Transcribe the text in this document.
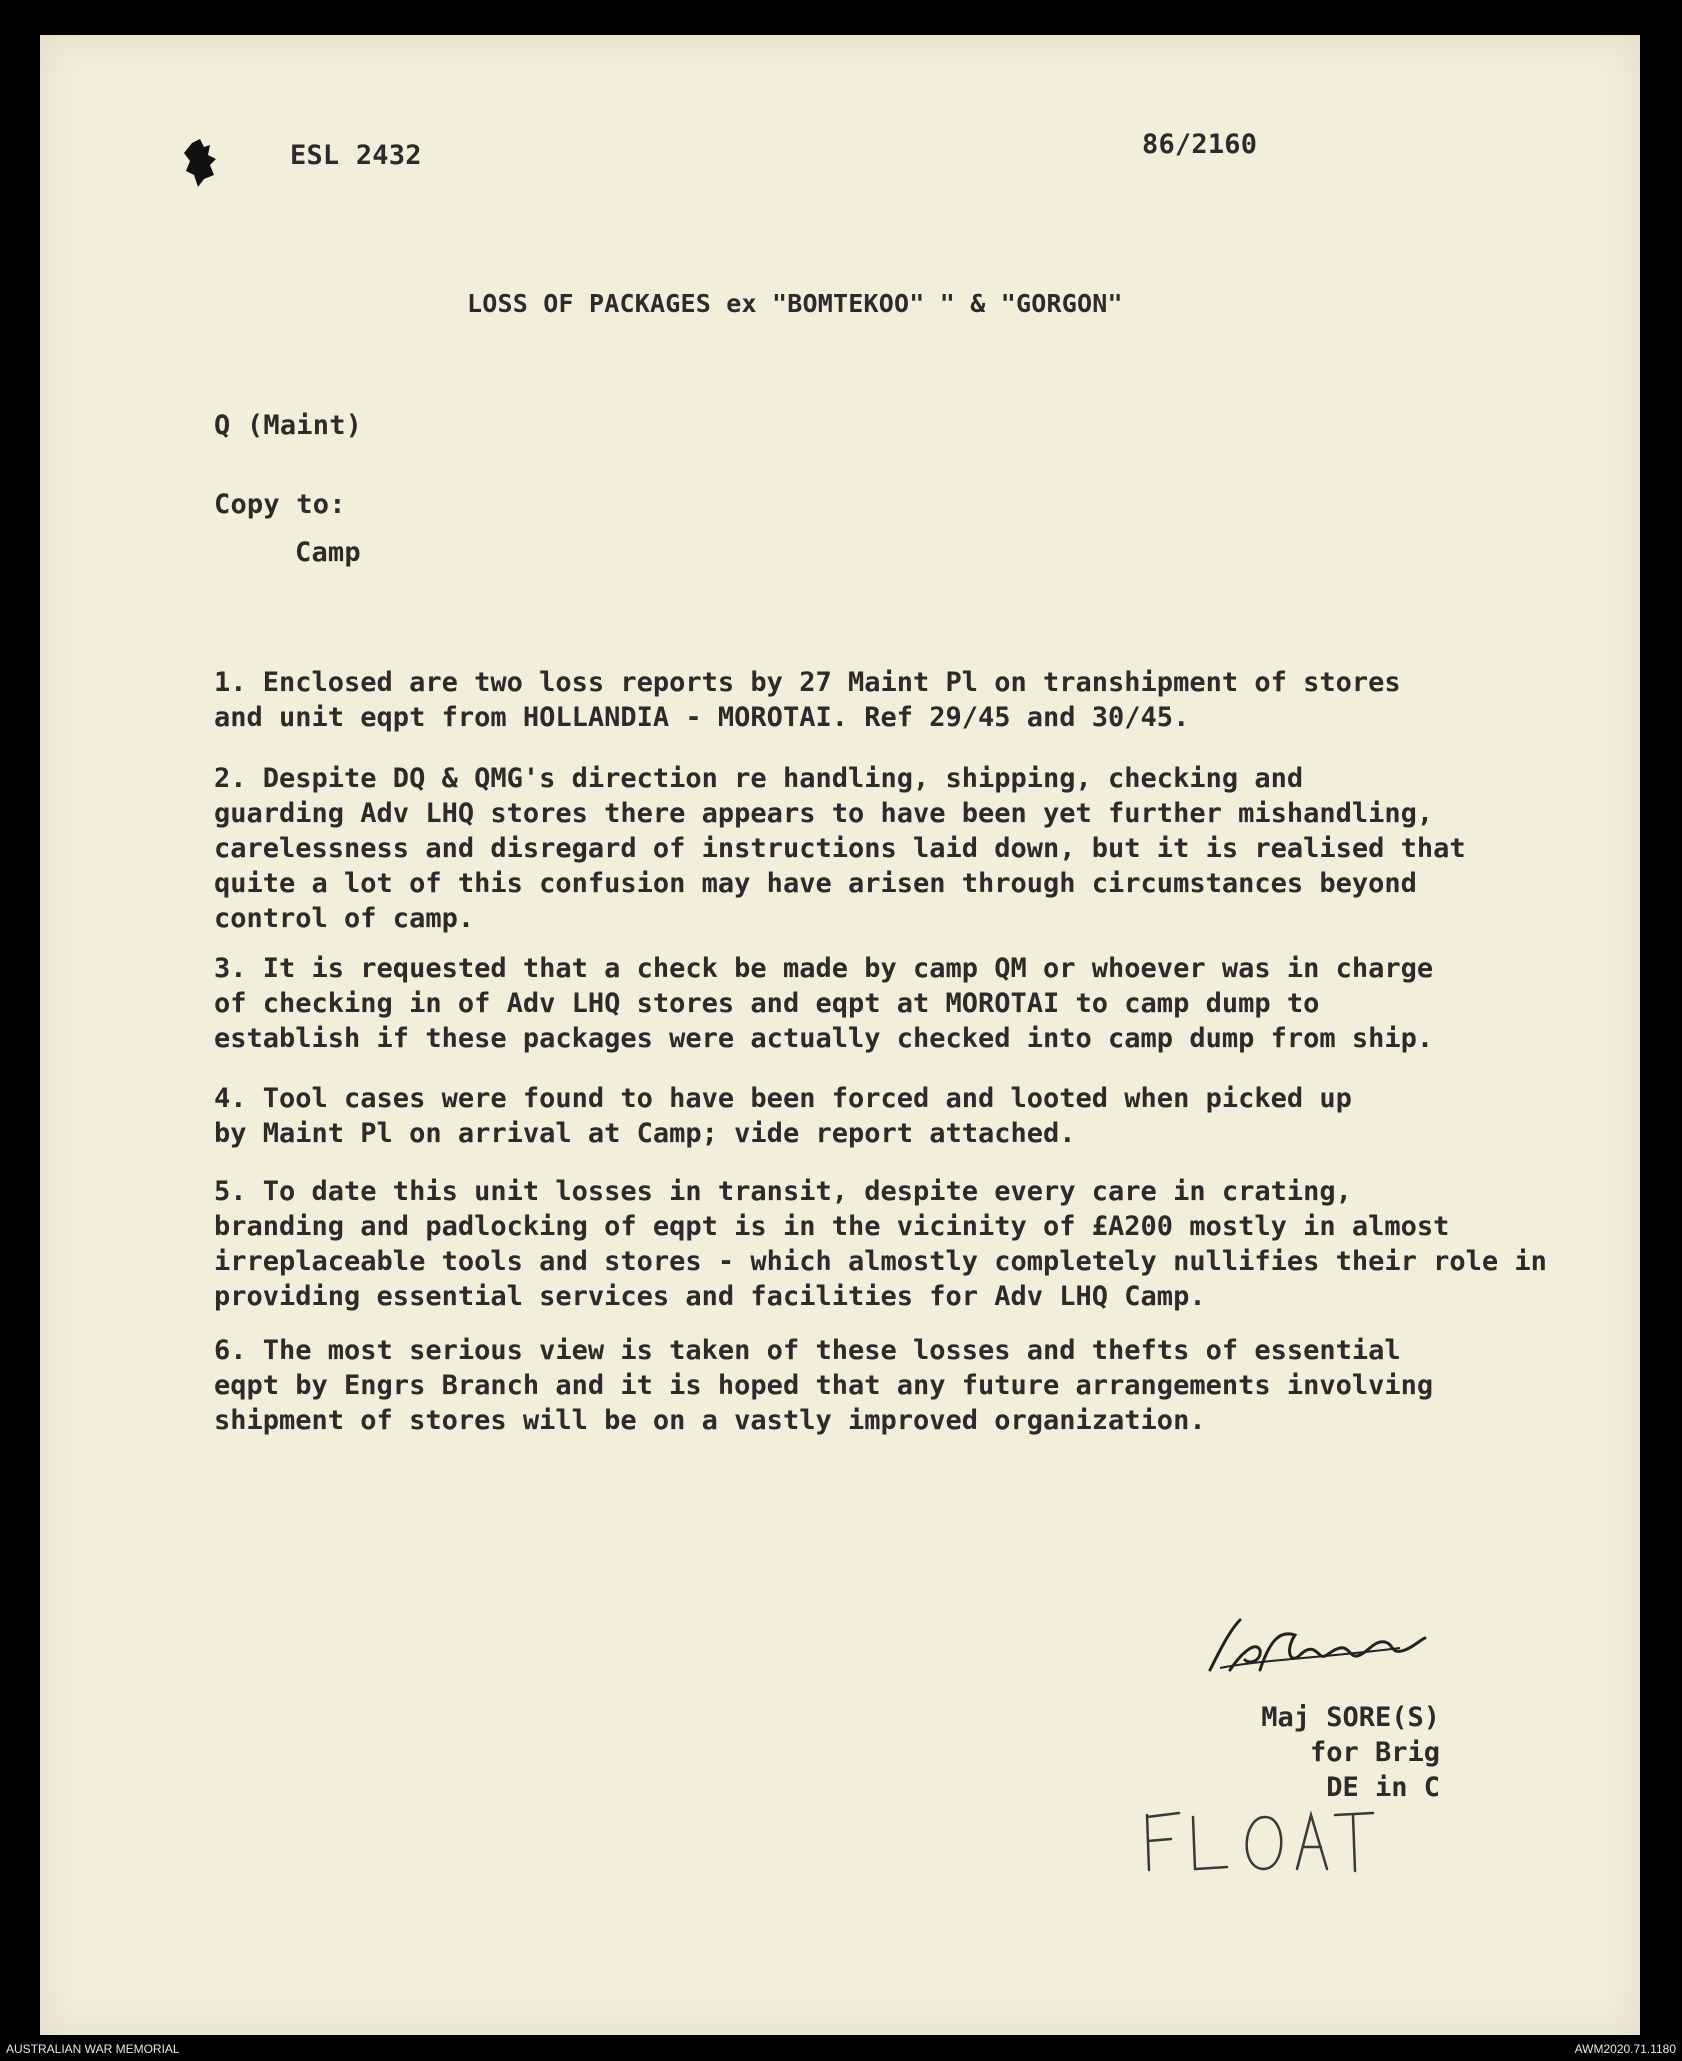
ESL 2432	86/2160
LOSS OF PACKAGES ex "BOMTEKOO" " & "GORGON"
Q (Maint)
Copy to:
Camp
1. Enclosed are two loss reports by 27 Maint Pl on transhipment of stores
and unit eqpt from HOLLANDIA - MOROTAI. Ref 29/45 and 30/45.
2. Despite DQ & QMG's direction re handling, shipping, checking and
guarding Adv LHQ stores there appears to have been yet further mishandling,
carelessness and disregard of instructions laid down, but it is realised that
quite a lot of this confusion may have arisen through circumstances beyond
control of camp.
3. It is requested that a check be made by camp QM or whoever was in charge
of checking in of Adv LHQ stores and eqpt at MOROTAI to camp dump to
establish if these packages were actually checked into camp dump from ship.
4. Tool cases were found to have been forced and looted when picked up
by Maint Pl on arrival at Camp; vide report attached.
5. To date this unit losses in transit, despite every care in crating,
branding and padlocking of eqpt is in the vicinity of £A200 mostly in almost
irreplaceable tools and stores - which almostly completely nullifies their role in
providing essential services and facilities for Adv LHQ Camp.
6. The most serious view is taken of these losses and thefts of essential
eqpt by Engrs Branch and it is hoped that any future arrangements involving
shipment of stores will be on a vastly improved organization.
Maj SORE(S)
for Brig
DE in C
AUSTRALIAN WAR MEMORIAL	AWM2020.71.1180
